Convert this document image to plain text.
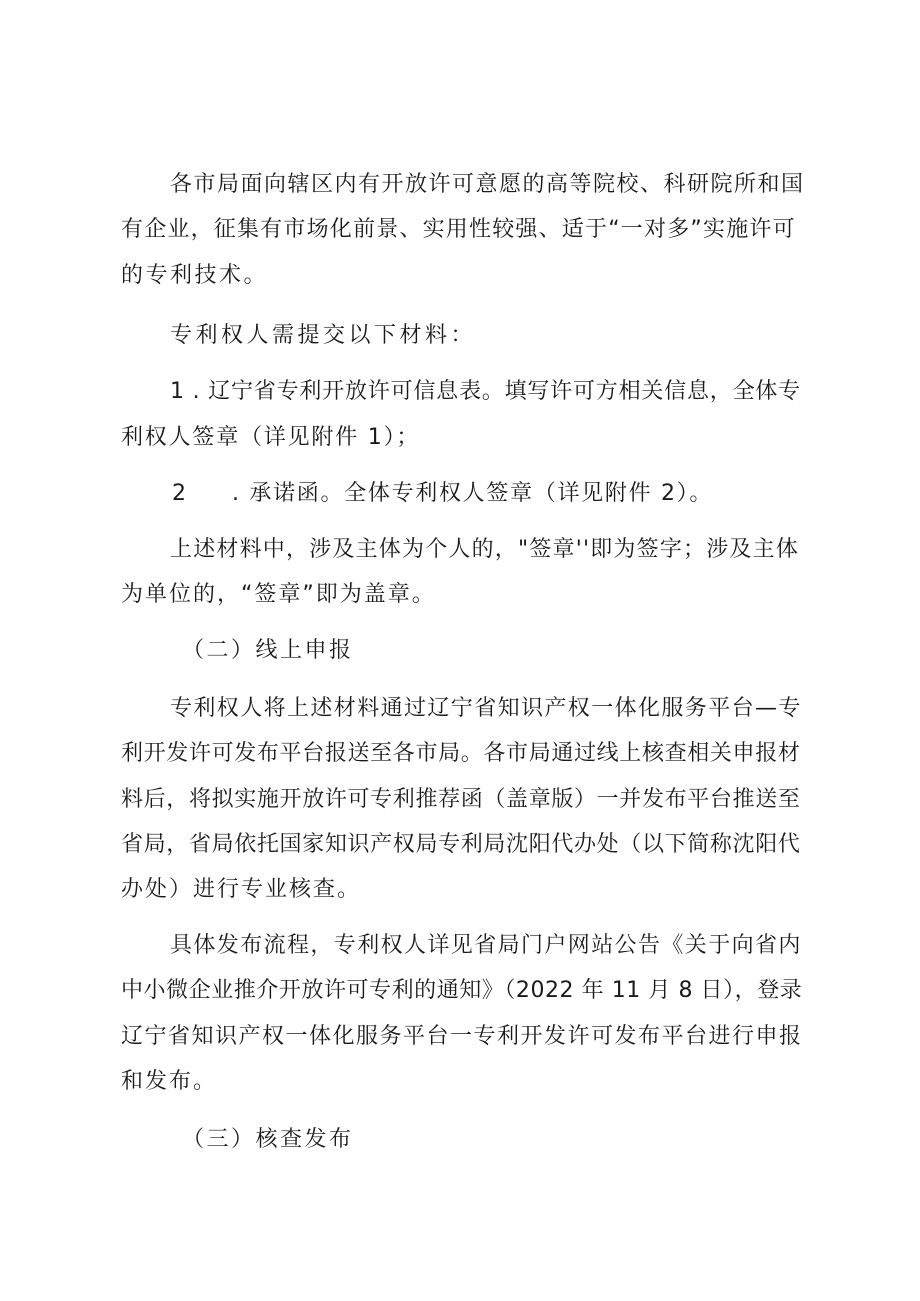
各市局面向辖区内有开放许可意愿的高等院校、科研院所和国
有企业，征集有市场化前景、实用性较强、适于“一对多”实施许可
的专利技术。
专利权人需提交以下材料：
1 . 辽宁省专利开放许可信息表。填写许可方相关信息，全体专
利权人签章（详见附件 1）；
2 . 承诺函。全体专利权人签章（详见附件 2）。
上述材料中，涉及主体为个人的，"签章''即为签字；涉及主体
为单位的，“签章”即为盖章。
（二）线上申报
专利权人将上述材料通过辽宁省知识产权一体化服务平台—专
利开发许可发布平台报送至各市局。各市局通过线上核查相关申报材
料后，将拟实施开放许可专利推荐函（盖章版）一并发布平台推送至
省局，省局依托国家知识产权局专利局沈阳代办处（以下简称沈阳代
办处）进行专业核查。
具体发布流程，专利权人详见省局门户网站公告《关于向省内
中小微企业推介开放许可专利的通知》（2022 年 11 月 8 日），登录
辽宁省知识产权一体化服务平台一专利开发许可发布平台进行申报
和发布。
（三）核查发布
